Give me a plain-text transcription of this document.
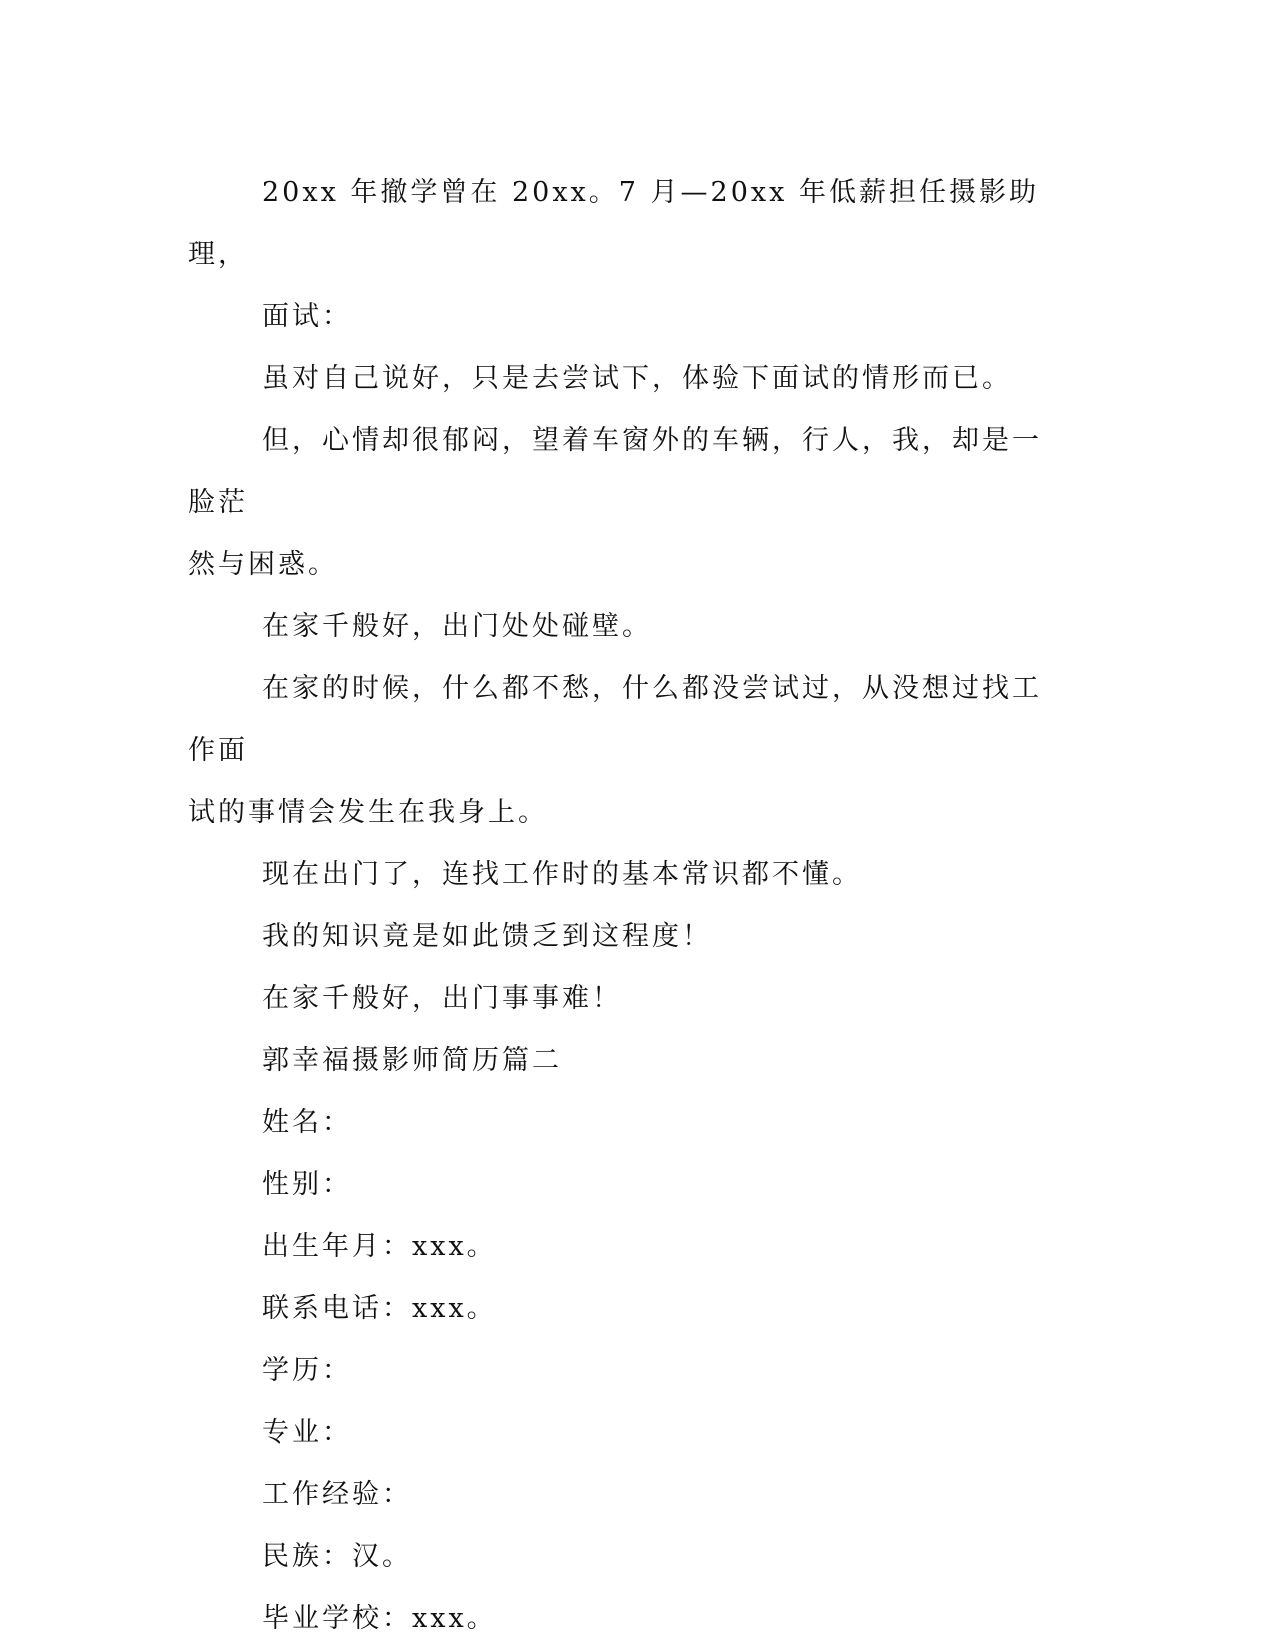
20xx 年撤学曾在 20xx。7 月—20xx 年低薪担任摄影助理，

面试：

虽对自己说好，只是去尝试下，体验下面试的情形而已。

但，心情却很郁闷，望着车窗外的车辆，行人，我，却是一脸茫
然与困惑。

在家千般好，出门处处碰壁。

在家的时候，什么都不愁，什么都没尝试过，从没想过找工作面
试的事情会发生在我身上。

现在出门了，连找工作时的基本常识都不懂。

我的知识竟是如此馈乏到这程度！

在家千般好，出门事事难！

郭幸福摄影师简历篇二

姓名：

性别：

出生年月：xxx。

联系电话：xxx。

学历：

专业：

工作经验：

民族：汉。

毕业学校：xxx。
